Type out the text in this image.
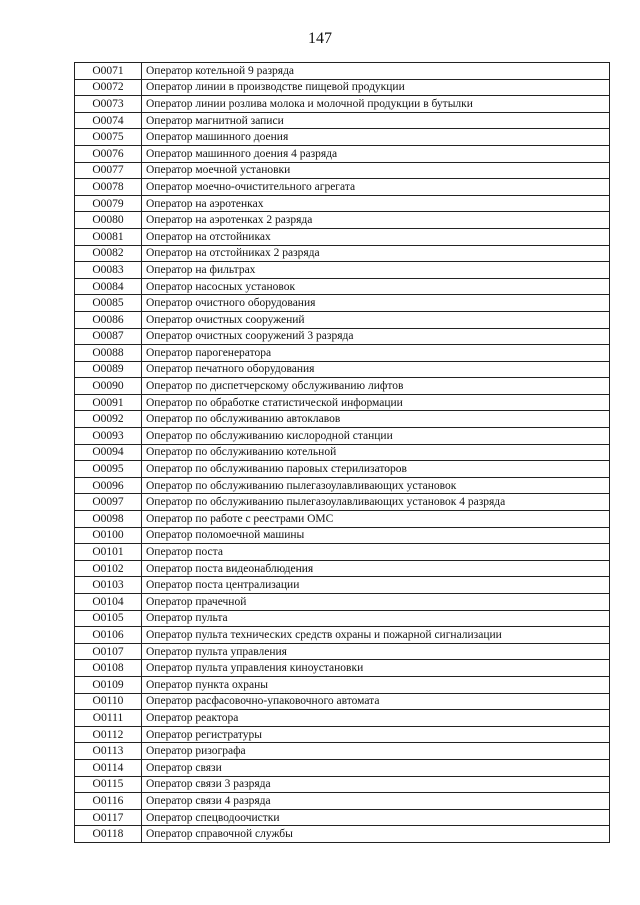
147
O0071	Оператор котельной 9 разряда
O0072	Оператор линии в производстве пищевой продукции
O0073	Оператор линии розлива молока и молочной продукции в бутылки
O0074	Оператор магнитной записи
O0075	Оператор машинного доения
O0076	Оператор машинного доения 4 разряда
O0077	Оператор моечной установки
O0078	Оператор моечно-очистительного агрегата
O0079	Оператор на аэротенках
O0080	Оператор на аэротенках 2 разряда
O0081	Оператор на отстойниках
O0082	Оператор на отстойниках 2 разряда
O0083	Оператор на фильтрах
O0084	Оператор насосных установок
O0085	Оператор очистного оборудования
O0086	Оператор очистных сооружений
O0087	Оператор очистных сооружений 3 разряда
O0088	Оператор парогенератора
O0089	Оператор печатного оборудования
O0090	Оператор по диспетчерскому обслуживанию лифтов
O0091	Оператор по обработке статистической информации
O0092	Оператор по обслуживанию автоклавов
O0093	Оператор по обслуживанию кислородной станции
O0094	Оператор по обслуживанию котельной
O0095	Оператор по обслуживанию паровых стерилизаторов
O0096	Оператор по обслуживанию пылегазоулавливающих установок
O0097	Оператор по обслуживанию пылегазоулавливающих установок 4 разряда
O0098	Оператор по работе с реестрами ОМС
O0100	Оператор поломоечной машины
O0101	Оператор поста
O0102	Оператор поста видеонаблюдения
O0103	Оператор поста централизации
O0104	Оператор прачечной
O0105	Оператор пульта
O0106	Оператор пульта технических средств охраны и пожарной сигнализации
O0107	Оператор пульта управления
O0108	Оператор пульта управления киноустановки
O0109	Оператор пункта охраны
O0110	Оператор расфасовочно-упаковочного автомата
O0111	Оператор реактора
O0112	Оператор регистратуры
O0113	Оператор ризографа
O0114	Оператор связи
O0115	Оператор связи 3 разряда
O0116	Оператор связи 4 разряда
O0117	Оператор спецводоочистки
O0118	Оператор справочной службы
